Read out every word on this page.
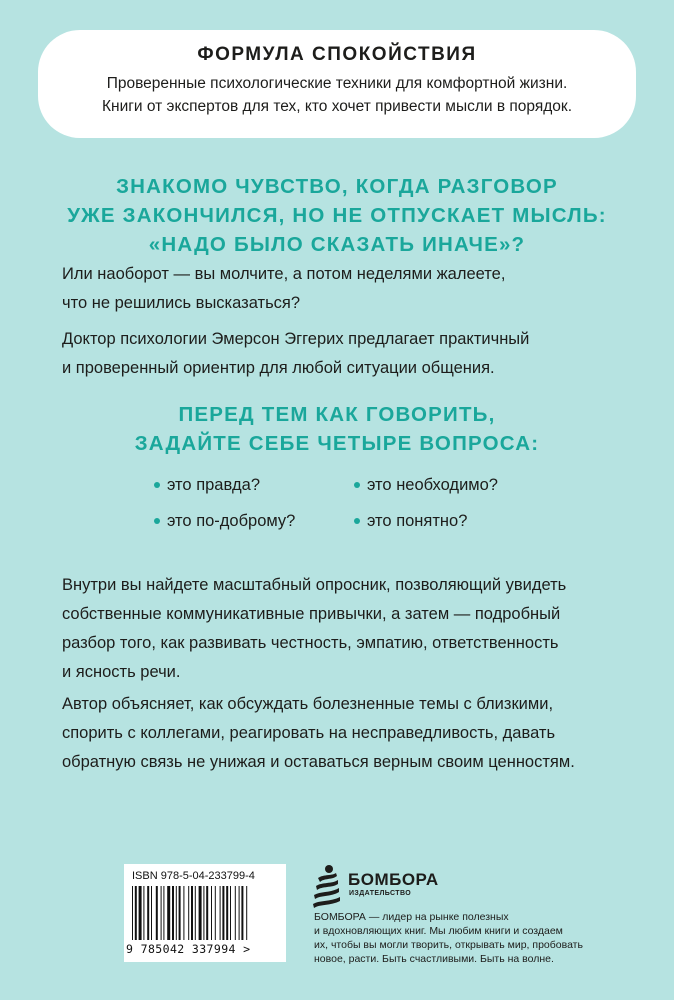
ФОРМУЛА СПОКОЙСТВИЯ
Проверенные психологические техники для комфортной жизни.
Книги от экспертов для тех, кто хочет привести мысли в порядок.
ЗНАКОМО ЧУВСТВО, КОГДА РАЗГОВОР
УЖЕ ЗАКОНЧИЛСЯ, НО НЕ ОТПУСКАЕТ МЫСЛЬ:
«НАДО БЫЛО СКАЗАТЬ ИНАЧЕ»?
Или наоборот — вы молчите, а потом неделями жалеете,
что не решились высказаться?
Доктор психологии Эмерсон Эггерих предлагает практичный
и проверенный ориентир для любой ситуации общения.
ПЕРЕД ТЕМ КАК ГОВОРИТЬ,
ЗАДАЙТЕ СЕБЕ ЧЕТЫРЕ ВОПРОСА:
это правда?	это необходимо?
это по-доброму?	это понятно?
Внутри вы найдете масштабный опросник, позволяющий увидеть
собственные коммуникативные привычки, а затем — подробный
разбор того, как развивать честность, эмпатию, ответственность
и ясность речи.
Автор объясняет, как обсуждать болезненные темы с близкими,
спорить с коллегами, реагировать на несправедливость, давать
обратную связь не унижая и оставаться верным своим ценностям.
ISBN 978-5-04-233799-4
9 785042 337994 >
БОМБОРА
ИЗДАТЕЛЬСТВО
БОМБОРА — лидер на рынке полезных
и вдохновляющих книг. Мы любим книги и создаем
их, чтобы вы могли творить, открывать мир, пробовать
новое, расти. Быть счастливыми. Быть на волне.
